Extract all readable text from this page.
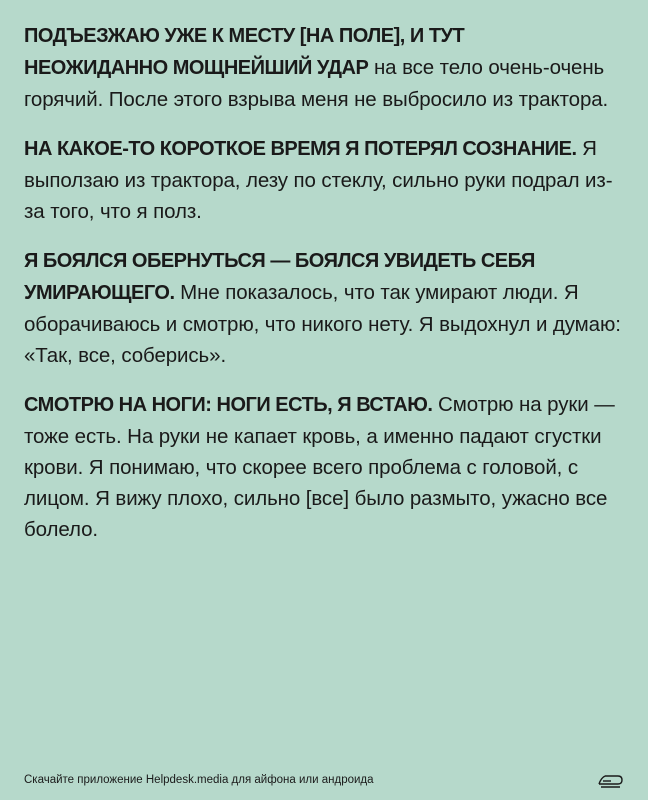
ПОДЪЕЗЖАЮ УЖЕ К МЕСТУ [НА ПОЛЕ], И ТУТ
НЕОЖИДАННО МОЩНЕЙШИЙ УДАР на все тело очень-очень горячий. После этого взрыва меня не выбросило из трактора.

НА КАКОЕ-ТО КОРОТКОЕ ВРЕМЯ Я ПОТЕРЯЛ СОЗНАНИЕ. Я выползаю из трактора, лезу по стеклу, сильно руки подрал из-за того, что я полз.

Я БОЯЛСЯ ОБЕРНУТЬСЯ — БОЯЛСЯ УВИДЕТЬ СЕБЯ
УМИРАЮЩЕГО. Мне показалось, что так умирают люди. Я оборачиваюсь и смотрю, что никого нету. Я выдохнул и думаю: «Так, все, соберись».

СМОТРЮ НА НОГИ: НОГИ ЕСТЬ, Я ВСТАЮ. Смотрю на руки — тоже есть. На руки не капает кровь, а именно падают сгустки крови. Я понимаю, что скорее всего проблема с головой, с лицом. Я вижу плохо, сильно [все] было размыто, ужасно все болело.

Скачайте приложение Helpdesk.media для айфона или андроида
